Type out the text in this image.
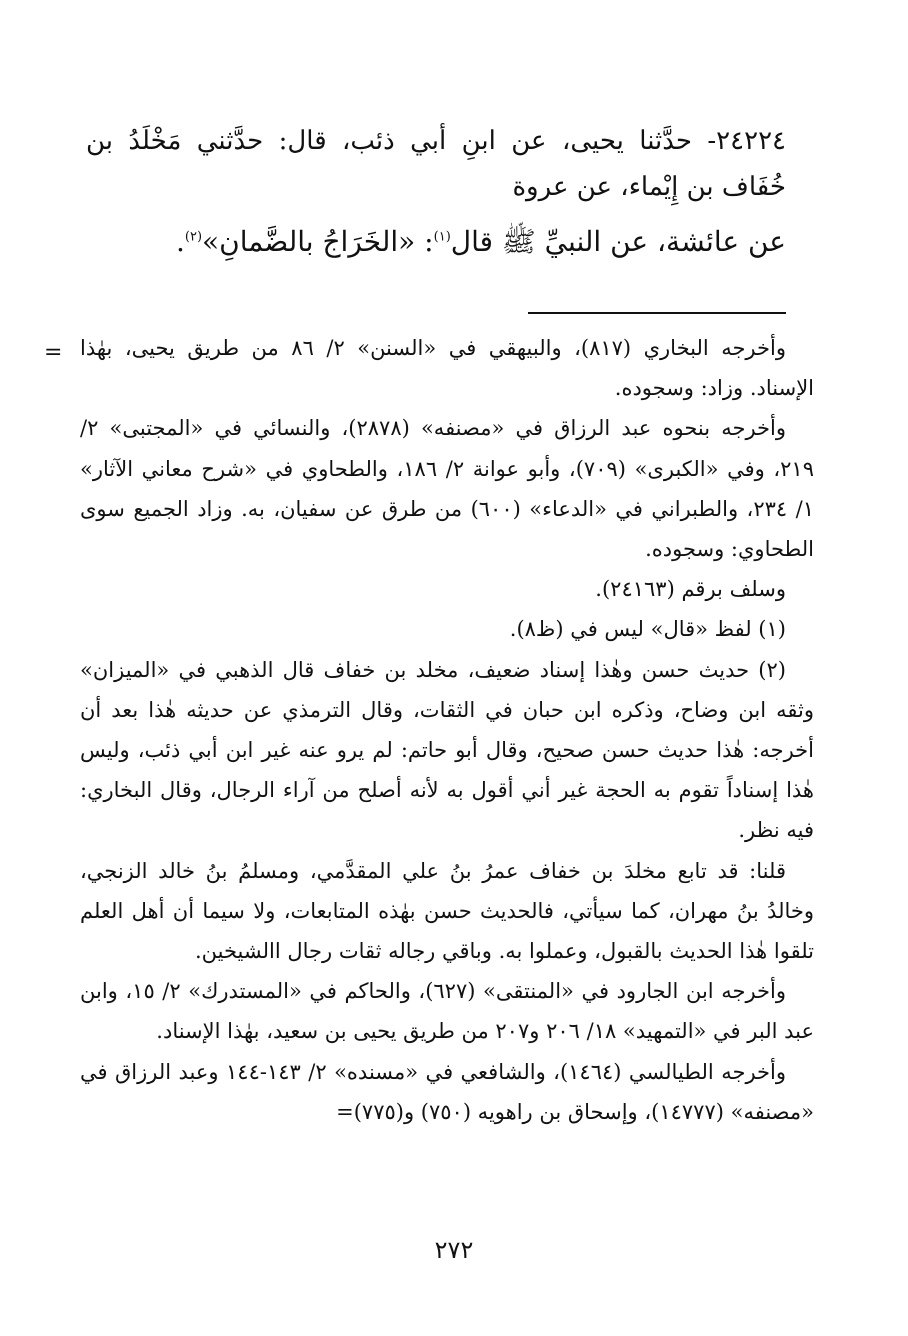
٢٤٢٢٤- حدَّثنا يحيى، عن ابنِ أبي ذئب، قال: حدَّثني مَخْلَدُ بن خُفَاف بن إِيْماء، عن عروة

عن عائشة، عن النبيِّ ﷺ قال$^{(١)}$: «الخَرَاجُ بالضَّمانِ»$^{(٢)}$.

= وأخرجه البخاري (٨١٧)، والبيهقي في «السنن» ٢/ ٨٦ من طريق يحيى، بهٰذا الإسناد. وزاد: وسجوده.

وأخرجه بنحوه عبد الرزاق في «مصنفه» (٢٨٧٨)، والنسائي في «المجتبى» ٢/ ٢١٩، وفي «الكبرى» (٧٠٩)، وأبو عوانة ٢/ ١٨٦، والطحاوي في «شرح معاني الآثار» ١/ ٢٣٤، والطبراني في «الدعاء» (٦٠٠) من طرق عن سفيان، به. وزاد الجميع سوى الطحاوي: وسجوده.

وسلف برقم (٢٤١٦٣).

(١) لفظ «قال» ليس في (ظ٨).

(٢) حديث حسن وهٰذا إسناد ضعيف، مخلد بن خفاف قال الذهبي في «الميزان» وثقه ابن وضاح، وذكره ابن حبان في الثقات، وقال الترمذي عن حديثه هٰذا بعد أن أخرجه: هٰذا حديث حسن صحيح، وقال أبو حاتم: لم يرو عنه غير ابن أبي ذئب، وليس هٰذا إسناداً تقوم به الحجة غير أني أقول به لأنه أصلح من آراء الرجال، وقال البخاري: فيه نظر.

قلنا: قد تابع مخلدَ بن خفاف عمرُ بنُ علي المقدَّمي، ومسلمُ بنُ خالد الزنجي، وخالدُ بنُ مهران، كما سيأتي، فالحديث حسن بهٰذه المتابعات، ولا سيما أن أهل العلم تلقوا هٰذا الحديث بالقبول، وعملوا به. وباقي رجاله ثقات رجال االشيخين.

وأخرجه ابن الجارود في «المنتقى» (٦٢٧)، والحاكم في «المستدرك» ٢/ ١٥، وابن عبد البر في «التمهيد» ١٨/ ٢٠٦ و٢٠٧ من طريق يحيى بن سعيد، بهٰذا الإسناد.

وأخرجه الطيالسي (١٤٦٤)، والشافعي في «مسنده» ٢/ ١٤٣-١٤٤ وعبد الرزاق في «مصنفه» (١٤٧٧٧)، وإسحاق بن راهويه (٧٥٠) و(٧٧٥)=

٢٧٢
